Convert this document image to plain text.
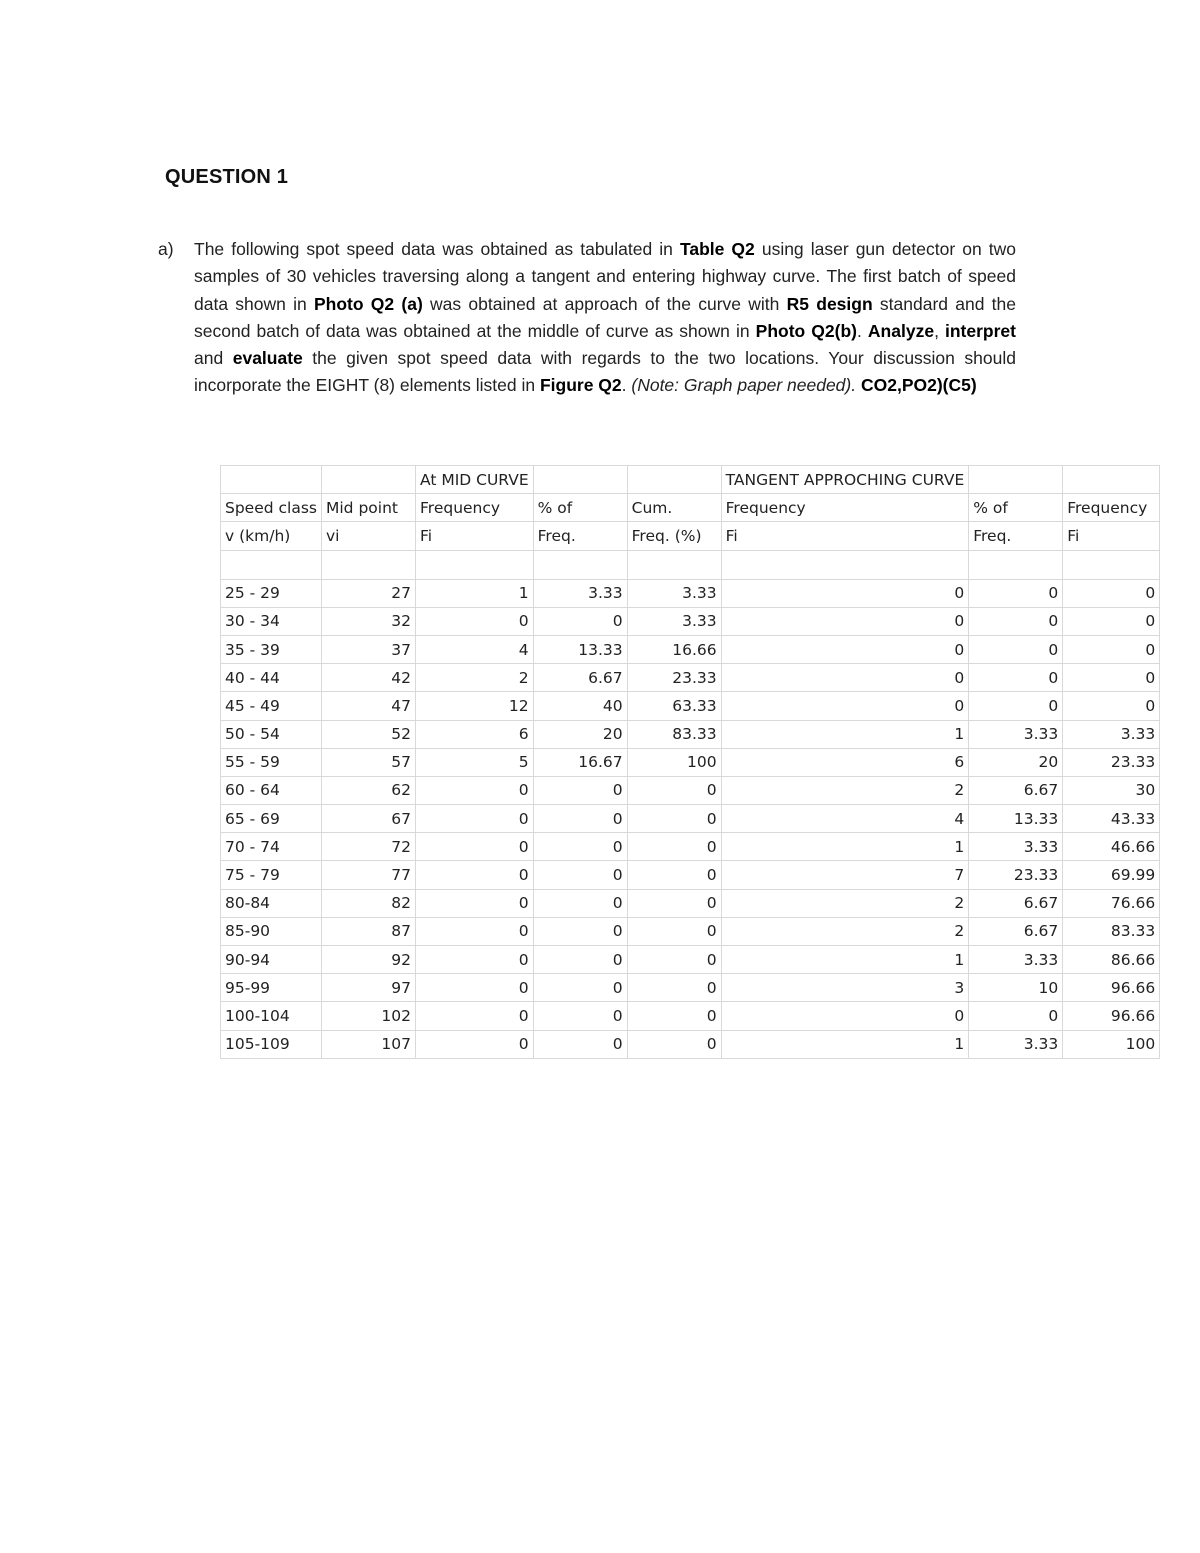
QUESTION 1
a) The following spot speed data was obtained as tabulated in Table Q2 using laser gun detector on two samples of 30 vehicles traversing along a tangent and entering highway curve. The first batch of speed data shown in Photo Q2 (a) was obtained at approach of the curve with R5 design standard and the second batch of data was obtained at the middle of curve as shown in Photo Q2(b). Analyze, interpret and evaluate the given spot speed data with regards to the two locations. Your discussion should incorporate the EIGHT (8) elements listed in Figure Q2. (Note: Graph paper needed). CO2,PO2)(C5)
		At MID CURVE			TANGENT APPROCHING CURVE		
Speed class	Mid point	Frequency	% of	Cum.	Frequency	% of	Frequency
v (km/h)	vi	Fi	Freq.	Freq. (%)	Fi	Freq.	Fi

25 - 29	27	1	3.33	3.33	0	0	0
30 - 34	32	0	0	3.33	0	0	0
35 - 39	37	4	13.33	16.66	0	0	0
40 - 44	42	2	6.67	23.33	0	0	0
45 - 49	47	12	40	63.33	0	0	0
50 - 54	52	6	20	83.33	1	3.33	3.33
55 - 59	57	5	16.67	100	6	20	23.33
60 - 64	62	0	0	0	2	6.67	30
65 - 69	67	0	0	0	4	13.33	43.33
70 - 74	72	0	0	0	1	3.33	46.66
75 - 79	77	0	0	0	7	23.33	69.99
80-84	82	0	0	0	2	6.67	76.66
85-90	87	0	0	0	2	6.67	83.33
90-94	92	0	0	0	1	3.33	86.66
95-99	97	0	0	0	3	10	96.66
100-104	102	0	0	0	0	0	96.66
105-109	107	0	0	0	1	3.33	100
